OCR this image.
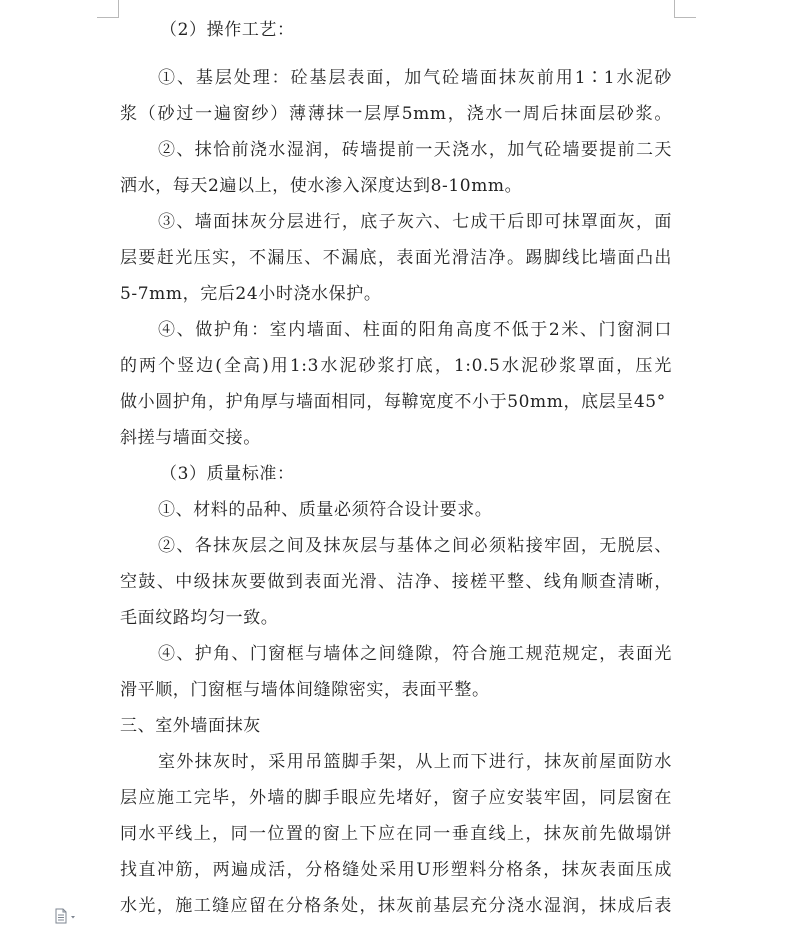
（2）操作工艺：
①、基层处理：砼基层表面，加气砼墙面抹灰前用1∶1水泥砂
浆（砂过一遍窗纱）薄薄抹一层厚5mm，浇水一周后抹面层砂浆。
②、抹恰前浇水湿润，砖墙提前一天浇水，加气砼墙要提前二天
洒水，每天2遍以上，使水渗入深度达到8-10mm。
③、墙面抹灰分层进行，底子灰六、七成干后即可抹罩面灰，面
层要赶光压实，不漏压、不漏底，表面光滑洁净。踢脚线比墙面凸出
5-7mm，完后24小时浇水保护。
④、做护角：室内墙面、柱面的阳角高度不低于2米、门窗洞口
的两个竖边(全高)用1:3水泥砂浆打底，1:0.5水泥砂浆罩面，压光
做小圆护角，护角厚与墙面相同，每鞥宽度不小于50mm，底层呈45°
斜搓与墙面交接。
（3）质量标准：
①、材料的品种、质量必须符合设计要求。
②、各抹灰层之间及抹灰层与基体之间必须粘接牢固，无脱层、
空鼓、中级抹灰要做到表面光滑、洁净、接槎平整、线角顺查清晰，
毛面纹路均匀一致。
④、护角、门窗框与墙体之间缝隙，符合施工规范规定，表面光
滑平顺，门窗框与墙体间缝隙密实，表面平整。
三、室外墙面抹灰
室外抹灰时，采用吊篮脚手架，从上而下进行，抹灰前屋面防水
层应施工完毕，外墙的脚手眼应先堵好，窗子应安装牢固，同层窗在
同水平线上，同一位置的窗上下应在同一垂直线上，抹灰前先做塌饼
找直冲筋，两遍成活，分格缝处采用U形塑料分格条，抹灰表面压成
水光，施工缝应留在分格条处，抹灰前基层充分浇水湿润，抹成后表
